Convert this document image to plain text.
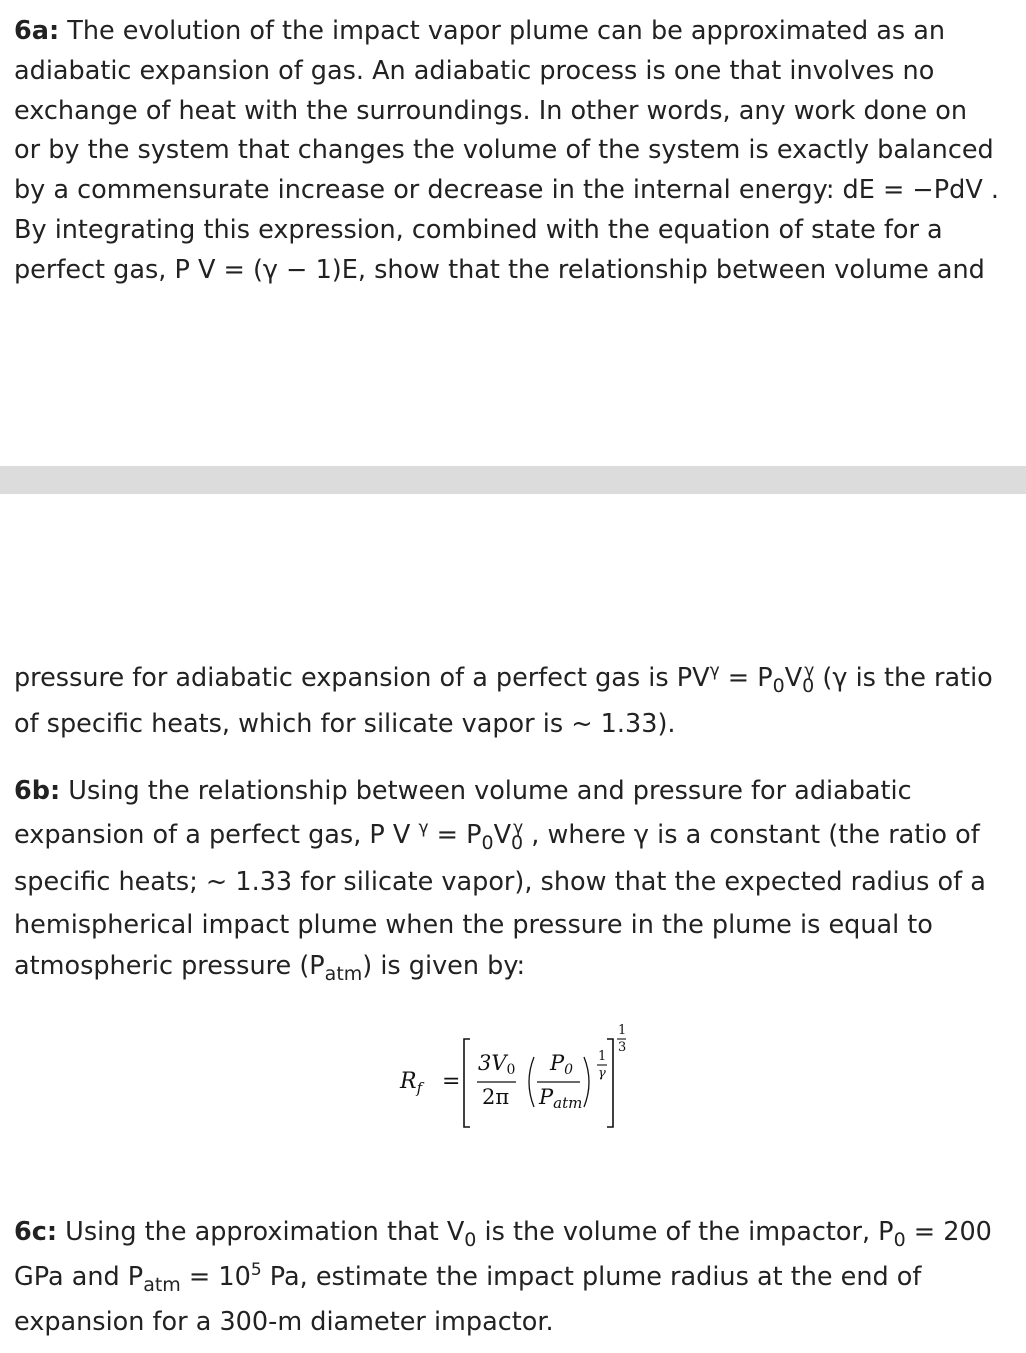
6a: The evolution of the impact vapor plume can be approximated as an

adiabatic expansion of gas. An adiabatic process is one that involves no

exchange of heat with the surroundings. In other words, any work done on

or by the system that changes the volume of the system is exactly balanced

by a commensurate increase or decrease in the internal energy: dE = −PdV .

By integrating this expression, combined with the equation of state for a

perfect gas, P V = (γ − 1)E, show that the relationship between volume and

pressure for adiabatic expansion of a perfect gas is $PV^\gamma = P_0V_0^\gamma$ (γ is the ratio

of specific heats, which for silicate vapor is ~ 1.33).

6b: Using the relationship between volume and pressure for adiabatic

expansion of a perfect gas, P V $^\gamma = P_0V_0^\gamma$ , where γ is a constant (the ratio of

specific heats; ~ 1.33 for silicate vapor), show that the expected radius of a

hemispherical impact plume when the pressure in the plume is equal to

atmospheric pressure $(P_{atm})$ is given by:

$R_f$ =
3V0
2π
P0
Patm
1
γ
1
3

6c: Using the approximation that $V_0$ is the volume of the impactor, $P_0 = 200$

GPa and $P_{atm} = 10^5$ Pa, estimate the impact plume radius at the end of

expansion for a 300-m diameter impactor.
